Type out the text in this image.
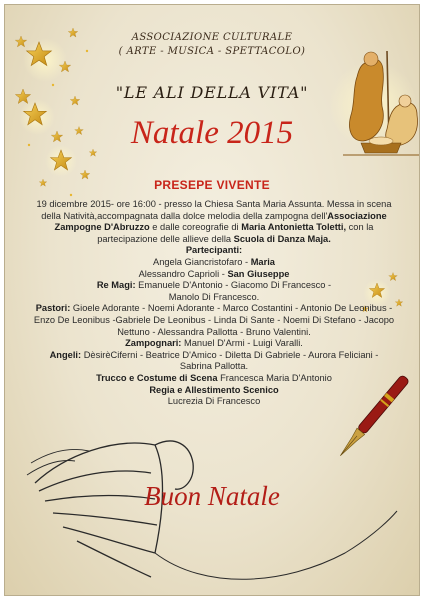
ASSOCIAZIONE CULTURALE
( ARTE - MUSICA - SPETTACOLO)
"LE ALI DELLA VITA"
Natale 2015
PRESEPE VIVENTE
19 dicembre 2015- ore 16:00 - presso la Chiesa Santa Maria Assunta. Messa in scena della Natività,accompagnata dalla dolce melodia della zampogna dell'Associazione Zampogne D'Abruzzo e dalle coreografie di Maria Antonietta Toletti, con la partecipazione delle allieve della Scuola di Danza Maja.
Partecipanti:
Angela Giancristofaro - Maria
Alessandro Caprioli - San Giuseppe
Re Magi: Emanuele D'Antonio - Giacomo Di Francesco -
Manolo Di Francesco.
Pastori: Gioele Adorante - Noemi Adorante - Marco Costantini - Antonio De Leonibus - Enzo De Leonibus -Gabriele De Leonibus - Linda Di Sante - Noemi Di Stefano - Jacopo Nettuno - Alessandra Pallotta - Bruno Valentini.
Zampognari: Manuel D'Armi - Luigi Varalli.
Angeli: DèsirèCiferni - Beatrice D'Amico - Diletta Di Gabriele - Aurora Feliciani -Sabrina Pallotta.
Trucco e Costume di Scena Francesca Maria D'Antonio
Regia e Allestimento Scenico
Lucrezia Di Francesco
Buon Natale
